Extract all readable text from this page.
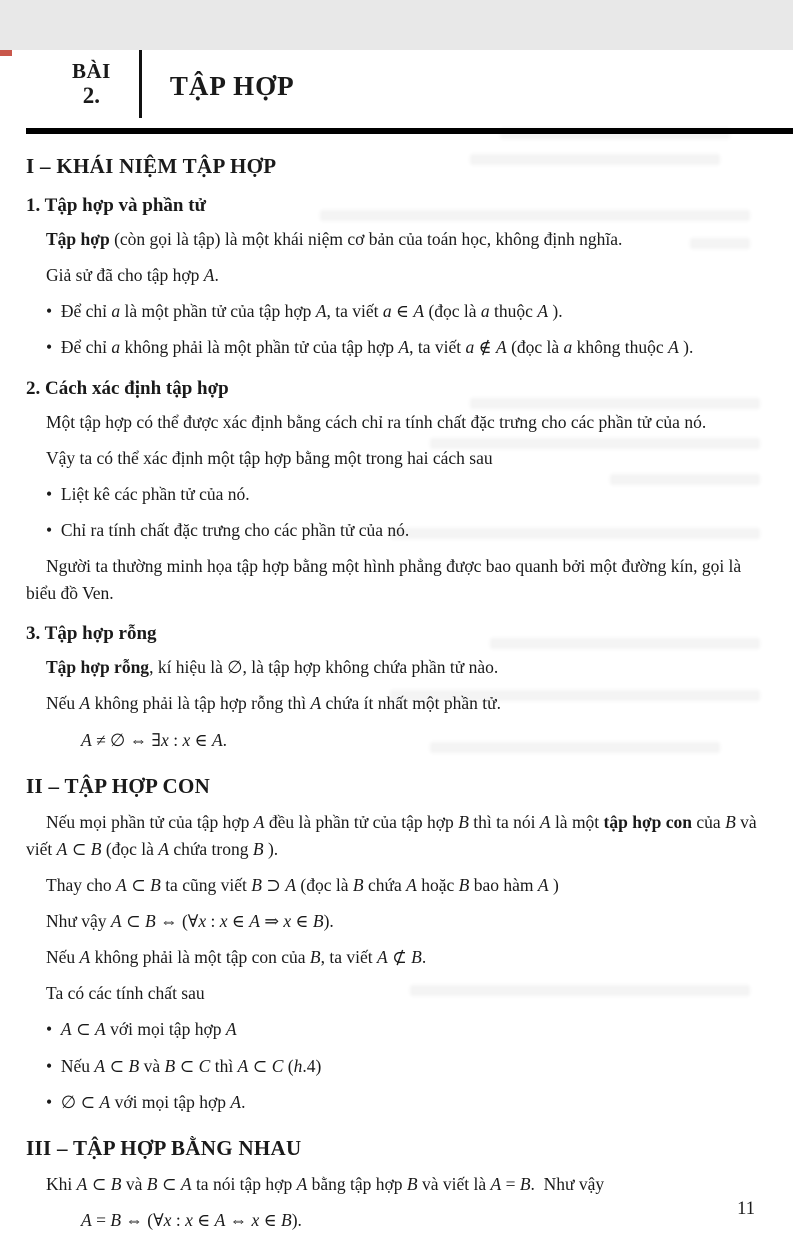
BÀI
2.	TẬP HỢP
I – KHÁI NIỆM TẬP HỢP
1. Tập hợp và phần tử

Tập hợp (còn gọi là tập) là một khái niệm cơ bản của toán học, không định nghĩa.

Giả sử đã cho tập hợp A.

•  Để chỉ a là một phần tử của tập hợp A, ta viết a ∈ A (đọc là a thuộc A ).

•  Để chỉ a không phải là một phần tử của tập hợp A, ta viết a ∉ A (đọc là a không thuộc A ).

2. Cách xác định tập hợp

Một tập hợp có thể được xác định bằng cách chỉ ra tính chất đặc trưng cho các phần tử của nó.

Vậy ta có thể xác định một tập hợp bằng một trong hai cách sau

•  Liệt kê các phần tử của nó.

•  Chỉ ra tính chất đặc trưng cho các phần tử của nó.

Người ta thường minh họa tập hợp bằng một hình phẳng được bao quanh bởi một đường kín, gọi là biểu đồ Ven.

3. Tập hợp rỗng

Tập hợp rỗng, kí hiệu là ∅, là tập hợp không chứa phần tử nào.

Nếu A không phải là tập hợp rỗng thì A chứa ít nhất một phần tử.

A ≠ ∅ ⇔ ∃x : x ∈ A.

II – TẬP HỢP CON

Nếu mọi phần tử của tập hợp A đều là phần tử của tập hợp B thì ta nói A là một tập hợp con của B và viết A ⊂ B (đọc là A chứa trong B ).

Thay cho A ⊂ B ta cũng viết B ⊃ A (đọc là B chứa A hoặc B bao hàm A )

Như vậy A ⊂ B ⇔ (∀x : x ∈ A ⇒ x ∈ B).

Nếu A không phải là một tập con của B, ta viết A ⊄ B.

Ta có các tính chất sau

•  A ⊂ A với mọi tập hợp A

•  Nếu A ⊂ B và B ⊂ C thì A ⊂ C (h.4)

•  ∅ ⊂ A với mọi tập hợp A.

III – TẬP HỢP BẰNG NHAU

Khi A ⊂ B và B ⊂ A ta nói tập hợp A bằng tập hợp B và viết là A = B.  Như vậy

A = B ⇔ (∀x : x ∈ A ⇔ x ∈ B).

11
